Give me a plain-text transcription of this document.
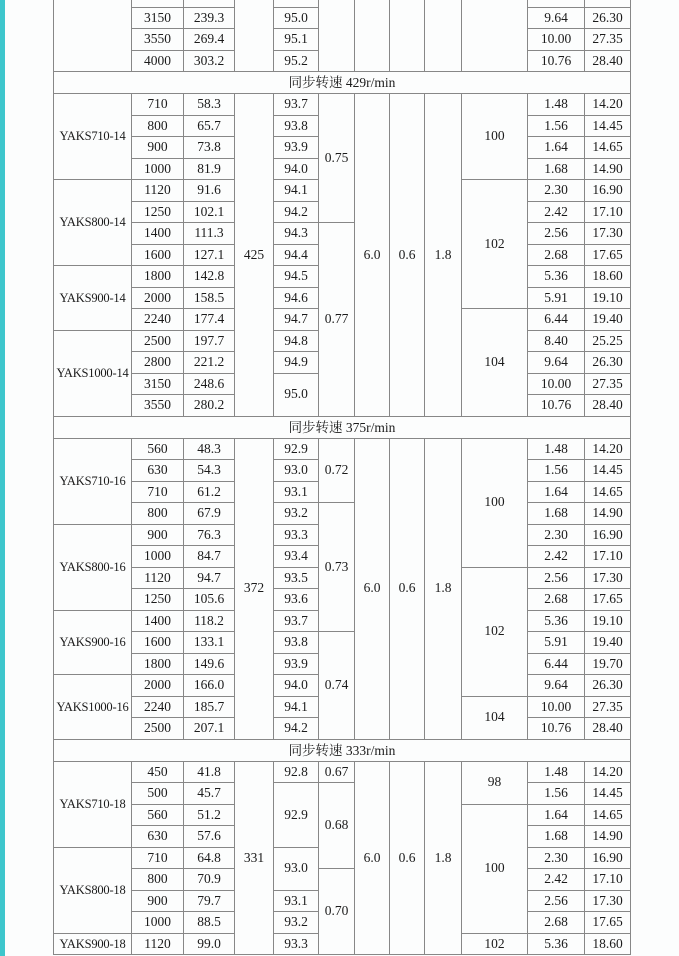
	3150	239.3		95.0						9.64	26.30
	3550	269.4		95.1						10.00	27.35
	4000	303.2		95.2						10.76	28.40
同步转速 429r/min											
YAKS710-14	710	58.3	425	93.7	0.75	6.0	0.6	1.8	100	1.48	14.20
	800	65.7		93.8						1.56	14.45
	900	73.8		93.9						1.64	14.65
	1000	81.9		94.0						1.68	14.90
YAKS800-14	1120	91.6		94.1					102	2.30	16.90
	1250	102.1		94.2						2.42	17.10
	1400	111.3		94.3	0.77					2.56	17.30
	1600	127.1		94.4						2.68	17.65
YAKS900-14	1800	142.8		94.5						5.36	18.60
	2000	158.5		94.6						5.91	19.10
	2240	177.4		94.7					104	6.44	19.40
YAKS1000-14	2500	197.7		94.8						8.40	25.25
	2800	221.2		94.9						9.64	26.30
	3150	248.6		95.0						10.00	27.35
	3550	280.2								10.76	28.40
同步转速 375r/min											
YAKS710-16	560	48.3	372	92.9	0.72	6.0	0.6	1.8	100	1.48	14.20
	630	54.3		93.0						1.56	14.45
	710	61.2		93.1						1.64	14.65
	800	67.9		93.2	0.73					1.68	14.90
YAKS800-16	900	76.3		93.3						2.30	16.90
	1000	84.7		93.4						2.42	17.10
	1120	94.7		93.5					102	2.56	17.30
	1250	105.6		93.6						2.68	17.65
YAKS900-16	1400	118.2		93.7						5.36	19.10
	1600	133.1		93.8	0.74					5.91	19.40
	1800	149.6		93.9						6.44	19.70
YAKS1000-16	2000	166.0		94.0						9.64	26.30
	2240	185.7		94.1					104	10.00	27.35
	2500	207.1		94.2						10.76	28.40
同步转速 333r/min											
YAKS710-18	450	41.8	331	92.8	0.67	6.0	0.6	1.8	98	1.48	14.20
	500	45.7		92.9	0.68					1.56	14.45
	560	51.2							100	1.64	14.65
	630	57.6								1.68	14.90
YAKS800-18	710	64.8		93.0						2.30	16.90
	800	70.9			0.70					2.42	17.10
	900	79.7		93.1						2.56	17.30
	1000	88.5		93.2						2.68	17.65
YAKS900-18	1120	99.0		93.3					102	5.36	18.60
